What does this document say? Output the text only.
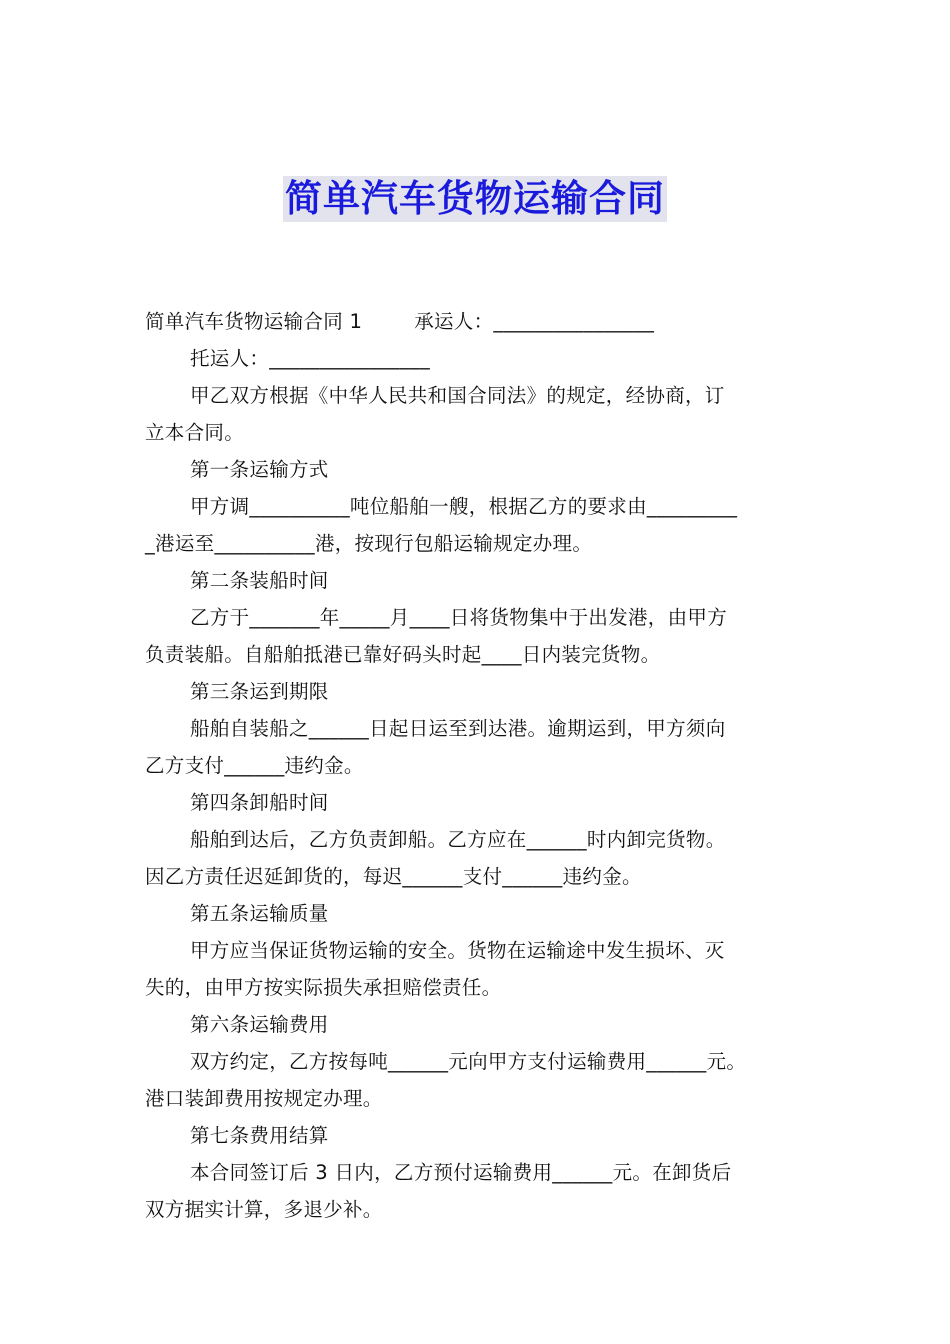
简单汽车货物运输合同
简单汽车货物运输合同 1        承运人：________________
托运人：________________
甲乙双方根据《中华人民共和国合同法》的规定，经协商，订
立本合同。
第一条运输方式
甲方调__________吨位船舶一艘，根据乙方的要求由_________
_港运至__________港，按现行包船运输规定办理。
第二条装船时间
乙方于_______年_____月____日将货物集中于出发港，由甲方
负责装船。自船舶抵港已靠好码头时起____日内装完货物。
第三条运到期限
船舶自装船之______日起日运至到达港。逾期运到，甲方须向
乙方支付______违约金。
第四条卸船时间
船舶到达后，乙方负责卸船。乙方应在______时内卸完货物。
因乙方责任迟延卸货的，每迟______支付______违约金。
第五条运输质量
甲方应当保证货物运输的安全。货物在运输途中发生损坏、灭
失的，由甲方按实际损失承担赔偿责任。
第六条运输费用
双方约定，乙方按每吨______元向甲方支付运输费用______元。
港口装卸费用按规定办理。
第七条费用结算
本合同签订后 3 日内，乙方预付运输费用______元。在卸货后
双方据实计算，多退少补。
